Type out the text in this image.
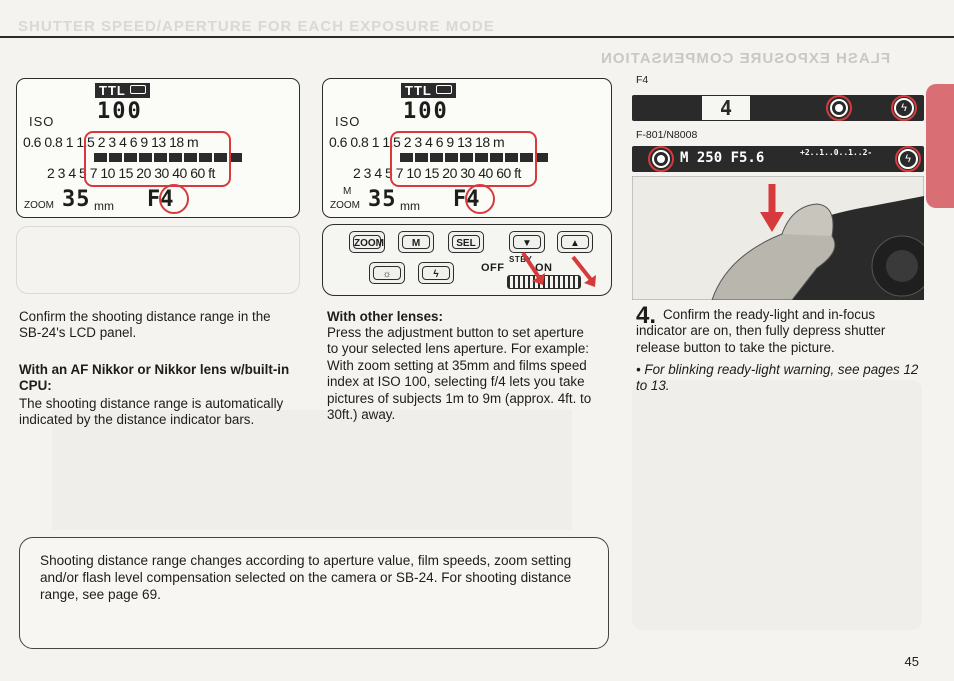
SHUTTER SPEED/APERTURE FOR EACH EXPOSURE MODE
FLASH EXPOSURE COMPENSATION
TTL
ISO 100
0.6 0.8 1 1.5 2 3 4 6 9 13 18 m
2 3 4 5 7 10 15 20 30 40 60 ft
ZOOM 35 mm F4
TTL
ISO 100
0.6 0.8 1 1.5 2 3 4 6 9 13 18 m
2 3 4 5 7 10 15 20 30 40 60 ft
ZOOM
M 35 mm F4
ZOOM	M	SEL	▼	▲
☼	ϟ
OFF
STBY
ON
F4
4	ϟ
F-801/N8008
M 250 F5.6	+2..1..0..1..2-
ϟ
Confirm the shooting distance range in the SB-24's LCD panel.
With an AF Nikkor or Nikkor lens w/built-in CPU:
The shooting distance range is automatically indicated by the distance indicator bars.
With other lenses:
Press the adjustment button to set aperture to your selected lens aperture. For example: With zoom setting at 35mm and films speed index at ISO 100, selecting f/4 lets you take pictures of subjects 1m to 9m (approx. 4ft. to 30ft.) away.
4. Confirm the ready-light and in-focus indicator are on, then fully depress shutter release button to take the picture.
• For blinking ready-light warning, see pages 12 to 13.
Shooting distance range changes according to aperture value, film speeds, zoom setting and/or flash level compensation selected on the camera or SB-24. For shooting distance range, see page 69.
45
